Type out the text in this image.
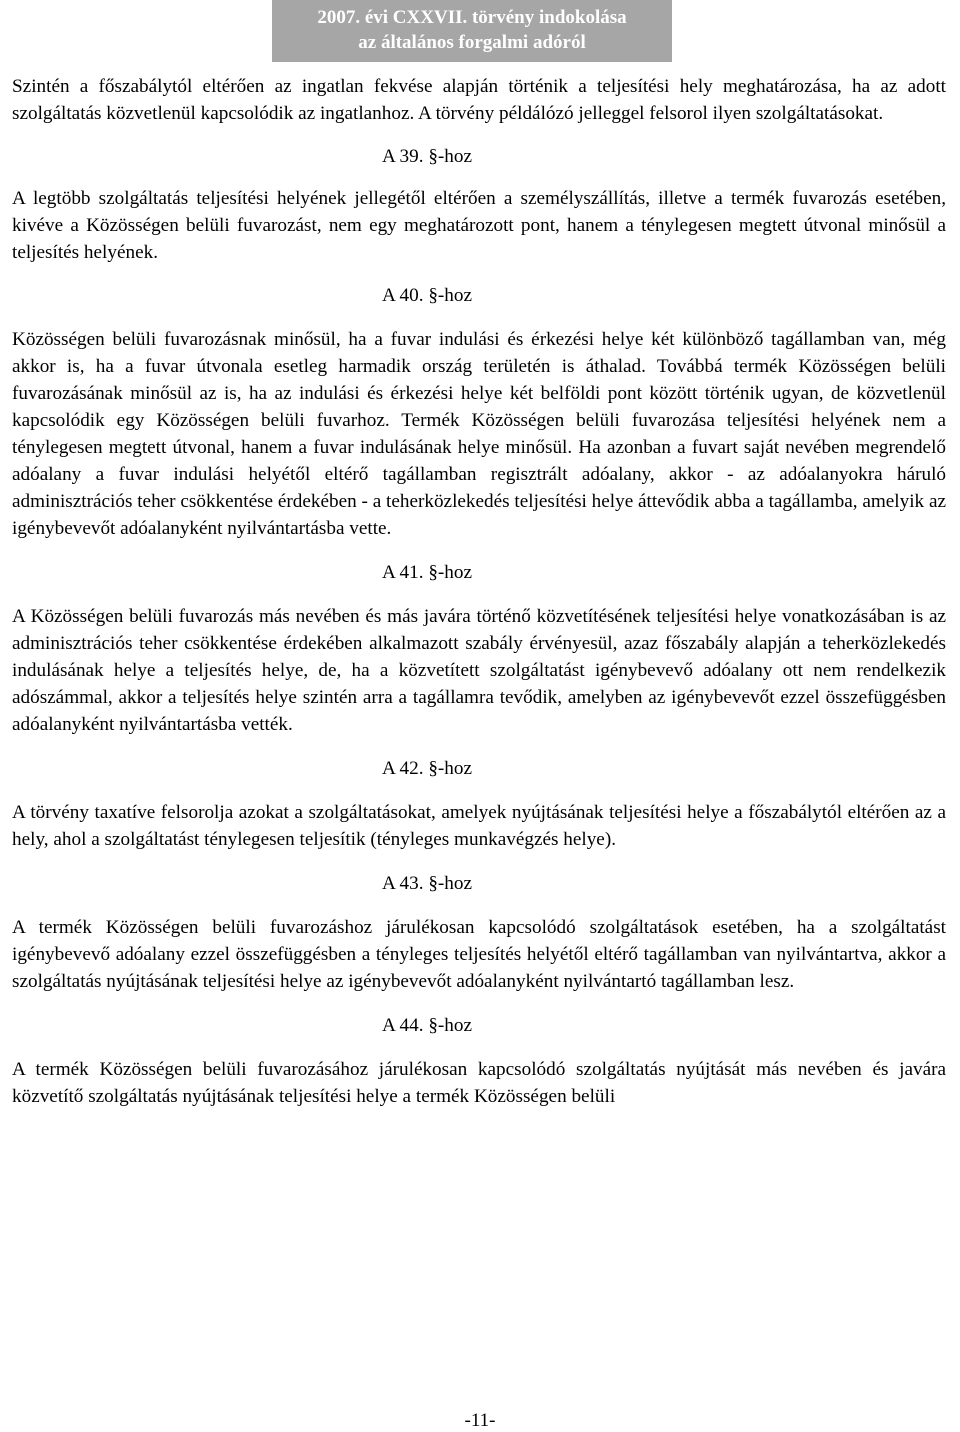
2007. évi CXXVII. törvény indokolása
az általános forgalmi adóról

Szintén a főszabálytól eltérően az ingatlan fekvése alapján történik a teljesítési hely meghatározása, ha az adott szolgáltatás közvetlenül kapcsolódik az ingatlanhoz. A törvény példálózó jelleggel felsorol ilyen szolgáltatásokat.

A 39. §-hoz

A legtöbb szolgáltatás teljesítési helyének jellegétől eltérően a személyszállítás, illetve a termék fuvarozás esetében, kivéve a Közösségen belüli fuvarozást, nem egy meghatározott pont, hanem a ténylegesen megtett útvonal minősül a teljesítés helyének.

A 40. §-hoz

Közösségen belüli fuvarozásnak minősül, ha a fuvar indulási és érkezési helye két különböző tagállamban van, még akkor is, ha a fuvar útvonala esetleg harmadik ország területén is áthalad. Továbbá termék Közösségen belüli fuvarozásának minősül az is, ha az indulási és érkezési helye két belföldi pont között történik ugyan, de közvetlenül kapcsolódik egy Közösségen belüli fuvarhoz. Termék Közösségen belüli fuvarozása teljesítési helyének nem a ténylegesen megtett útvonal, hanem a fuvar indulásának helye minősül. Ha azonban a fuvart saját nevében megrendelő adóalany a fuvar indulási helyétől eltérő tagállamban regisztrált adóalany, akkor - az adóalanyokra háruló adminisztrációs teher csökkentése érdekében - a teherközlekedés teljesítési helye áttevődik abba a tagállamba, amelyik az igénybevevőt adóalanyként nyilvántartásba vette.

A 41. §-hoz

A Közösségen belüli fuvarozás más nevében és más javára történő közvetítésének teljesítési helye vonatkozásában is az adminisztrációs teher csökkentése érdekében alkalmazott szabály érvényesül, azaz főszabály alapján a teherközlekedés indulásának helye a teljesítés helye, de, ha a közvetített szolgáltatást igénybevevő adóalany ott nem rendelkezik adószámmal, akkor a teljesítés helye szintén arra a tagállamra tevődik, amelyben az igénybevevőt ezzel összefüggésben adóalanyként nyilvántartásba vették.

A 42. §-hoz

A törvény taxatíve felsorolja azokat a szolgáltatásokat, amelyek nyújtásának teljesítési helye a főszabálytól eltérően az a hely, ahol a szolgáltatást ténylegesen teljesítik (tényleges munkavégzés helye).

A 43. §-hoz

A termék Közösségen belüli fuvarozáshoz járulékosan kapcsolódó szolgáltatások esetében, ha a szolgáltatást igénybevevő adóalany ezzel összefüggésben a tényleges teljesítés helyétől eltérő tagállamban van nyilvántartva, akkor a szolgáltatás nyújtásának teljesítési helye az igénybevevőt adóalanyként nyilvántartó tagállamban lesz.

A 44. §-hoz

A termék Közösségen belüli fuvarozásához járulékosan kapcsolódó szolgáltatás nyújtását más nevében és javára közvetítő szolgáltatás nyújtásának teljesítési helye a termék Közösségen belüli

-11-
